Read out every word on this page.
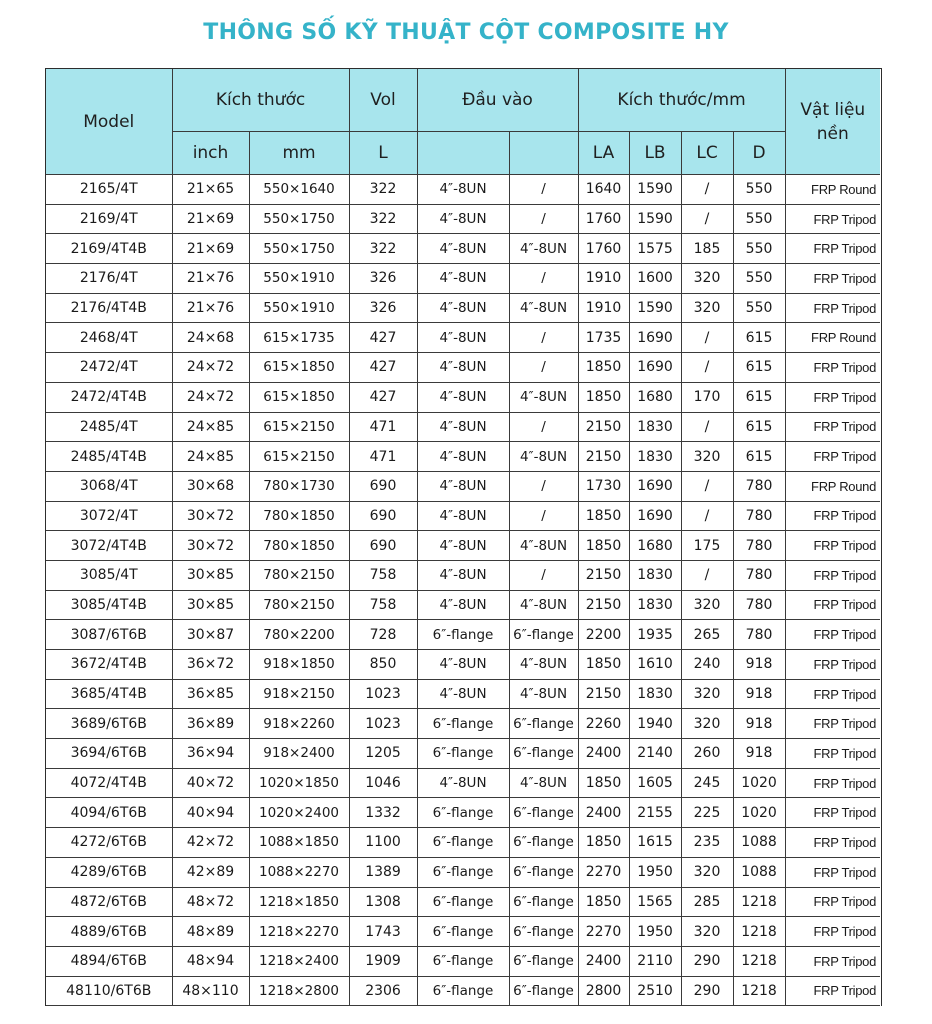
THÔNG SỐ KỸ THUẬT CỘT COMPOSITE HY
Model	Kích thước		Vol	Đầu vào		Kích thước/mm				Vật liệu nền
	inch	mm	L			LA	LB	LC	D	
2165/4T	21×65	550×1640	322	4″-8UN	/	1640	1590	/	550	FRP Round
2169/4T	21×69	550×1750	322	4″-8UN	/	1760	1590	/	550	FRP Tripod
2169/4T4B	21×69	550×1750	322	4″-8UN	4″-8UN	1760	1575	185	550	FRP Tripod
2176/4T	21×76	550×1910	326	4″-8UN	/	1910	1600	320	550	FRP Tripod
2176/4T4B	21×76	550×1910	326	4″-8UN	4″-8UN	1910	1590	320	550	FRP Tripod
2468/4T	24×68	615×1735	427	4″-8UN	/	1735	1690	/	615	FRP Round
2472/4T	24×72	615×1850	427	4″-8UN	/	1850	1690	/	615	FRP Tripod
2472/4T4B	24×72	615×1850	427	4″-8UN	4″-8UN	1850	1680	170	615	FRP Tripod
2485/4T	24×85	615×2150	471	4″-8UN	/	2150	1830	/	615	FRP Tripod
2485/4T4B	24×85	615×2150	471	4″-8UN	4″-8UN	2150	1830	320	615	FRP Tripod
3068/4T	30×68	780×1730	690	4″-8UN	/	1730	1690	/	780	FRP Round
3072/4T	30×72	780×1850	690	4″-8UN	/	1850	1690	/	780	FRP Tripod
3072/4T4B	30×72	780×1850	690	4″-8UN	4″-8UN	1850	1680	175	780	FRP Tripod
3085/4T	30×85	780×2150	758	4″-8UN	/	2150	1830	/	780	FRP Tripod
3085/4T4B	30×85	780×2150	758	4″-8UN	4″-8UN	2150	1830	320	780	FRP Tripod
3087/6T6B	30×87	780×2200	728	6″-flange	6″-flange	2200	1935	265	780	FRP Tripod
3672/4T4B	36×72	918×1850	850	4″-8UN	4″-8UN	1850	1610	240	918	FRP Tripod
3685/4T4B	36×85	918×2150	1023	4″-8UN	4″-8UN	2150	1830	320	918	FRP Tripod
3689/6T6B	36×89	918×2260	1023	6″-flange	6″-flange	2260	1940	320	918	FRP Tripod
3694/6T6B	36×94	918×2400	1205	6″-flange	6″-flange	2400	2140	260	918	FRP Tripod
4072/4T4B	40×72	1020×1850	1046	4″-8UN	4″-8UN	1850	1605	245	1020	FRP Tripod
4094/6T6B	40×94	1020×2400	1332	6″-flange	6″-flange	2400	2155	225	1020	FRP Tripod
4272/6T6B	42×72	1088×1850	1100	6″-flange	6″-flange	1850	1615	235	1088	FRP Tripod
4289/6T6B	42×89	1088×2270	1389	6″-flange	6″-flange	2270	1950	320	1088	FRP Tripod
4872/6T6B	48×72	1218×1850	1308	6″-flange	6″-flange	1850	1565	285	1218	FRP Tripod
4889/6T6B	48×89	1218×2270	1743	6″-flange	6″-flange	2270	1950	320	1218	FRP Tripod
4894/6T6B	48×94	1218×2400	1909	6″-flange	6″-flange	2400	2110	290	1218	FRP Tripod
48110/6T6B	48×110	1218×2800	2306	6″-flange	6″-flange	2800	2510	290	1218	FRP Tripod
